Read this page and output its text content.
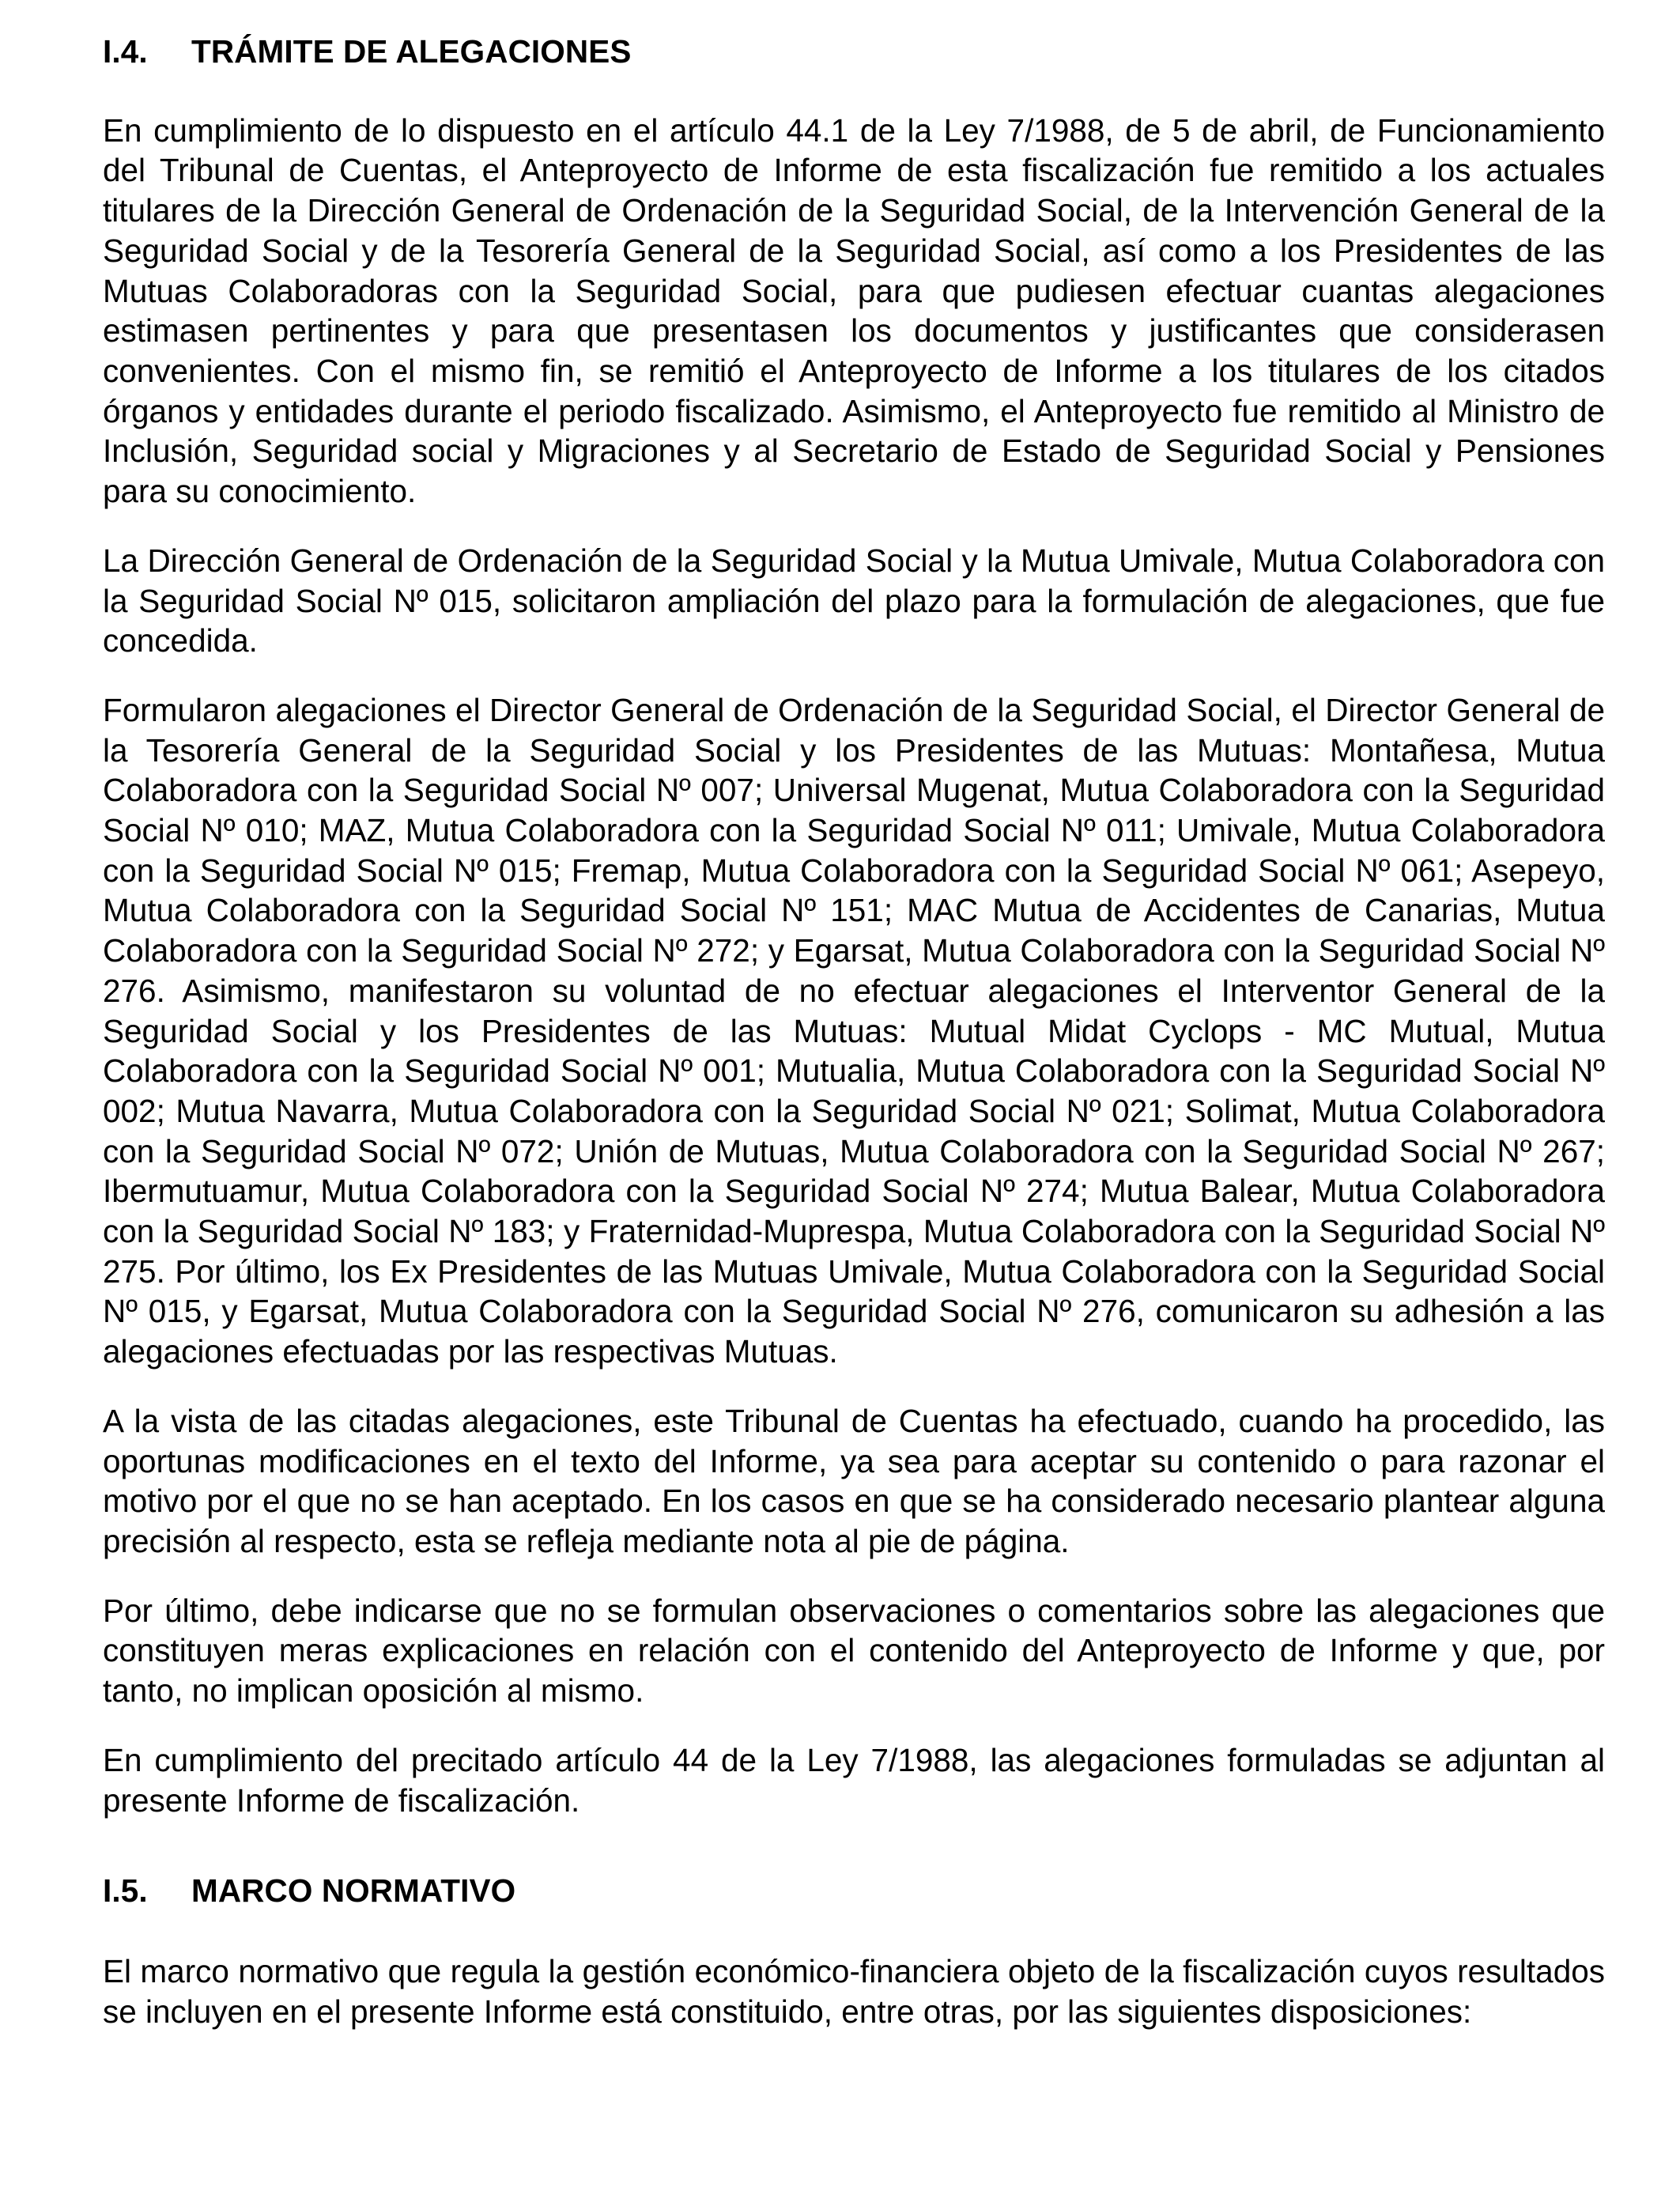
I.4. TRÁMITE DE ALEGACIONES

En cumplimiento de lo dispuesto en el artículo 44.1 de la Ley 7/1988, de 5 de abril, de Funcionamiento del Tribunal de Cuentas, el Anteproyecto de Informe de esta fiscalización fue remitido a los actuales titulares de la Dirección General de Ordenación de la Seguridad Social, de la Intervención General de la Seguridad Social y de la Tesorería General de la Seguridad Social, así como a los Presidentes de las Mutuas Colaboradoras con la Seguridad Social, para que pudiesen efectuar cuantas alegaciones estimasen pertinentes y para que presentasen los documentos y justificantes que considerasen convenientes. Con el mismo fin, se remitió el Anteproyecto de Informe a los titulares de los citados órganos y entidades durante el periodo fiscalizado. Asimismo, el Anteproyecto fue remitido al Ministro de Inclusión, Seguridad social y Migraciones y al Secretario de Estado de Seguridad Social y Pensiones para su conocimiento.

La Dirección General de Ordenación de la Seguridad Social y la Mutua Umivale, Mutua Colaboradora con la Seguridad Social Nº 015, solicitaron ampliación del plazo para la formulación de alegaciones, que fue concedida.

Formularon alegaciones el Director General de Ordenación de la Seguridad Social, el Director General de la Tesorería General de la Seguridad Social y los Presidentes de las Mutuas: Montañesa, Mutua Colaboradora con la Seguridad Social Nº 007; Universal Mugenat, Mutua Colaboradora con la Seguridad Social Nº 010; MAZ, Mutua Colaboradora con la Seguridad Social Nº 011; Umivale, Mutua Colaboradora con la Seguridad Social Nº 015; Fremap, Mutua Colaboradora con la Seguridad Social Nº 061; Asepeyo, Mutua Colaboradora con la Seguridad Social Nº 151; MAC Mutua de Accidentes de Canarias, Mutua Colaboradora con la Seguridad Social Nº 272; y Egarsat, Mutua Colaboradora con la Seguridad Social Nº 276. Asimismo, manifestaron su voluntad de no efectuar alegaciones el Interventor General de la Seguridad Social y los Presidentes de las Mutuas: Mutual Midat Cyclops - MC Mutual, Mutua Colaboradora con la Seguridad Social Nº 001; Mutualia, Mutua Colaboradora con la Seguridad Social Nº 002; Mutua Navarra, Mutua Colaboradora con la Seguridad Social Nº 021; Solimat, Mutua Colaboradora con la Seguridad Social Nº 072; Unión de Mutuas, Mutua Colaboradora con la Seguridad Social Nº 267; Ibermutuamur, Mutua Colaboradora con la Seguridad Social Nº 274; Mutua Balear, Mutua Colaboradora con la Seguridad Social Nº 183; y Fraternidad-Muprespa, Mutua Colaboradora con la Seguridad Social Nº 275. Por último, los Ex Presidentes de las Mutuas Umivale, Mutua Colaboradora con la Seguridad Social Nº 015, y Egarsat, Mutua Colaboradora con la Seguridad Social Nº 276, comunicaron su adhesión a las alegaciones efectuadas por las respectivas Mutuas.

A la vista de las citadas alegaciones, este Tribunal de Cuentas ha efectuado, cuando ha procedido, las oportunas modificaciones en el texto del Informe, ya sea para aceptar su contenido o para razonar el motivo por el que no se han aceptado. En los casos en que se ha considerado necesario plantear alguna precisión al respecto, esta se refleja mediante nota al pie de página.

Por último, debe indicarse que no se formulan observaciones o comentarios sobre las alegaciones que constituyen meras explicaciones en relación con el contenido del Anteproyecto de Informe y que, por tanto, no implican oposición al mismo.

En cumplimiento del precitado artículo 44 de la Ley 7/1988, las alegaciones formuladas se adjuntan al presente Informe de fiscalización.

I.5. MARCO NORMATIVO

El marco normativo que regula la gestión económico-financiera objeto de la fiscalización cuyos resultados se incluyen en el presente Informe está constituido, entre otras, por las siguientes disposiciones:
